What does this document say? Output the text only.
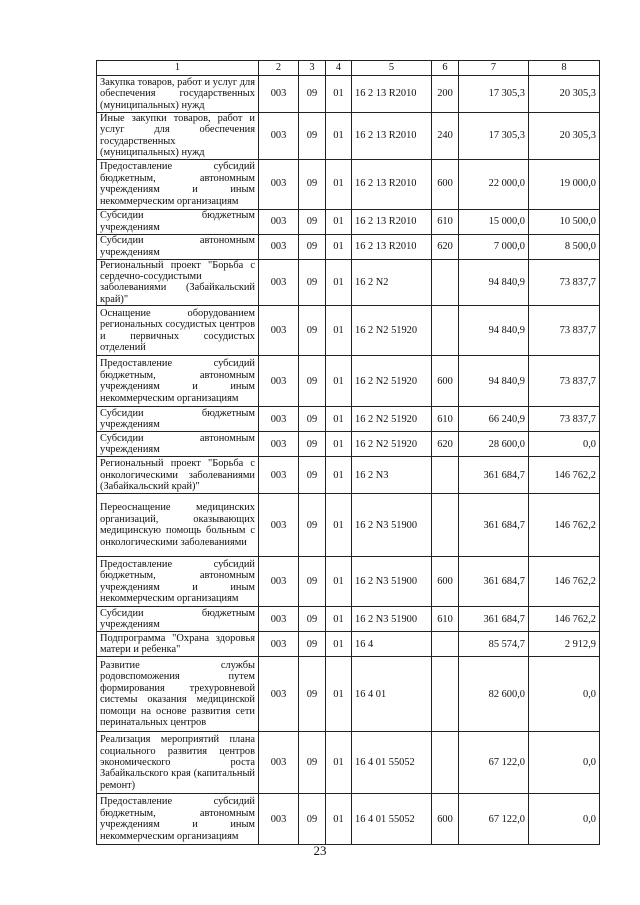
1	2	3	4	5	6	7	8
Закупка товаров, работ и услуг для обеспечения государственных (муниципальных) нужд	003	09	01	16 2 13 R2010	200	17 305,3	20 305,3
Иные закупки товаров, работ и услуг для обеспечения государственных (муниципальных) нужд	003	09	01	16 2 13 R2010	240	17 305,3	20 305,3
Предоставление субсидий бюджетным, автономным учреждениям и иным некоммерческим организациям	003	09	01	16 2 13 R2010	600	22 000,0	19 000,0
Субсидии бюджетным учреждениям	003	09	01	16 2 13 R2010	610	15 000,0	10 500,0
Субсидии автономным учреждениям	003	09	01	16 2 13 R2010	620	7 000,0	8 500,0
Региональный проект "Борьба с сердечно-сосудистыми заболеваниями (Забайкальский край)"	003	09	01	16 2 N2		94 840,9	73 837,7
Оснащение оборудованием региональных сосудистых центров и первичных сосудистых отделений	003	09	01	16 2 N2 51920		94 840,9	73 837,7
Предоставление субсидий бюджетным, автономным учреждениям и иным некоммерческим организациям	003	09	01	16 2 N2 51920	600	94 840,9	73 837,7
Субсидии бюджетным учреждениям	003	09	01	16 2 N2 51920	610	66 240,9	73 837,7
Субсидии автономным учреждениям	003	09	01	16 2 N2 51920	620	28 600,0	0,0
Региональный проект "Борьба с онкологическими заболеваниями (Забайкальский край)"	003	09	01	16 2 N3		361 684,7	146 762,2
Переоснащение медицинских организаций, оказывающих медицинскую помощь больным с онкологическими заболеваниями	003	09	01	16 2 N3 51900		361 684,7	146 762,2
Предоставление субсидий бюджетным, автономным учреждениям и иным некоммерческим организациям	003	09	01	16 2 N3 51900	600	361 684,7	146 762,2
Субсидии бюджетным учреждениям	003	09	01	16 2 N3 51900	610	361 684,7	146 762,2
Подпрограмма "Охрана здоровья матери и ребенка"	003	09	01	16 4		85 574,7	2 912,9
Развитие службы родовспоможения путем формирования трехуровневой системы оказания медицинской помощи на основе развития сети перинатальных центров	003	09	01	16 4 01		82 600,0	0,0
Реализация мероприятий плана социального развития центров экономического роста Забайкальского края (капитальный ремонт)	003	09	01	16 4 01 55052		67 122,0	0,0
Предоставление субсидий бюджетным, автономным учреждениям и иным некоммерческим организациям	003	09	01	16 4 01 55052	600	67 122,0	0,0
23
